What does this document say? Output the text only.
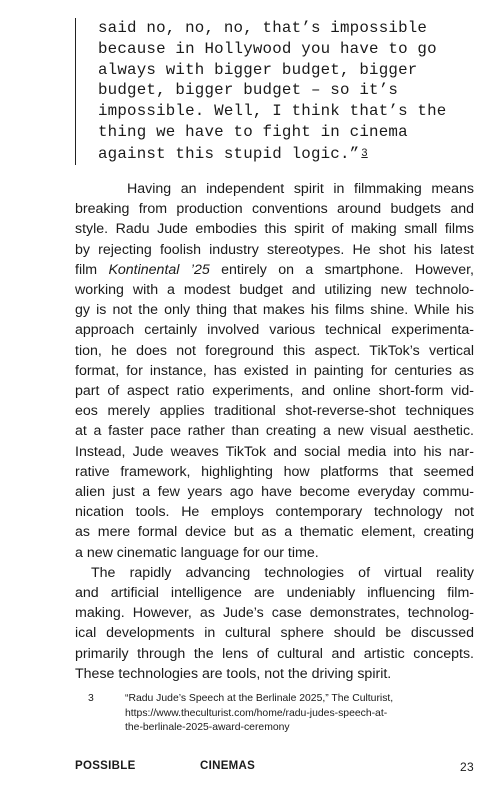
said no, no, no, that’s impossible
because in Hollywood you have to go
always with bigger budget, bigger
budget, bigger budget – so it’s
impossible. Well, I think that’s the
thing we have to fight in cinema
against this stupid logic.” 3
Having an independent spirit in filmmaking means
breaking from production conventions around budgets and
style. Radu Jude embodies this spirit of making small films
by rejecting foolish industry stereotypes. He shot his latest
film Kontinental ’25 entirely on a smartphone. However,
working with a modest budget and utilizing new technolo-
gy is not the only thing that makes his films shine. While his
approach certainly involved various technical experimenta-
tion, he does not foreground this aspect. TikTok’s vertical
format, for instance, has existed in painting for centuries as
part of aspect ratio experiments, and online short-form vid-
eos merely applies traditional shot-reverse-shot techniques
at a faster pace rather than creating a new visual aesthetic.
Instead, Jude weaves TikTok and social media into his nar-
rative framework, highlighting how platforms that seemed
alien just a few years ago have become everyday commu-
nication tools. He employs contemporary technology not
as mere formal device but as a thematic element, creating
a new cinematic language for our time.
The rapidly advancing technologies of virtual reality
and artificial intelligence are undeniably influencing film-
making. However, as Jude’s case demonstrates, technolog-
ical developments in cultural sphere should be discussed
primarily through the lens of cultural and artistic concepts.
These technologies are tools, not the driving spirit.
3	“Radu Jude’s Speech at the Berlinale 2025,” The Culturist,
https://www.theculturist.com/home/radu-judes-speech-at-
the-berlinale-2025-award-ceremony
POSSIBLE	CINEMAS	23
